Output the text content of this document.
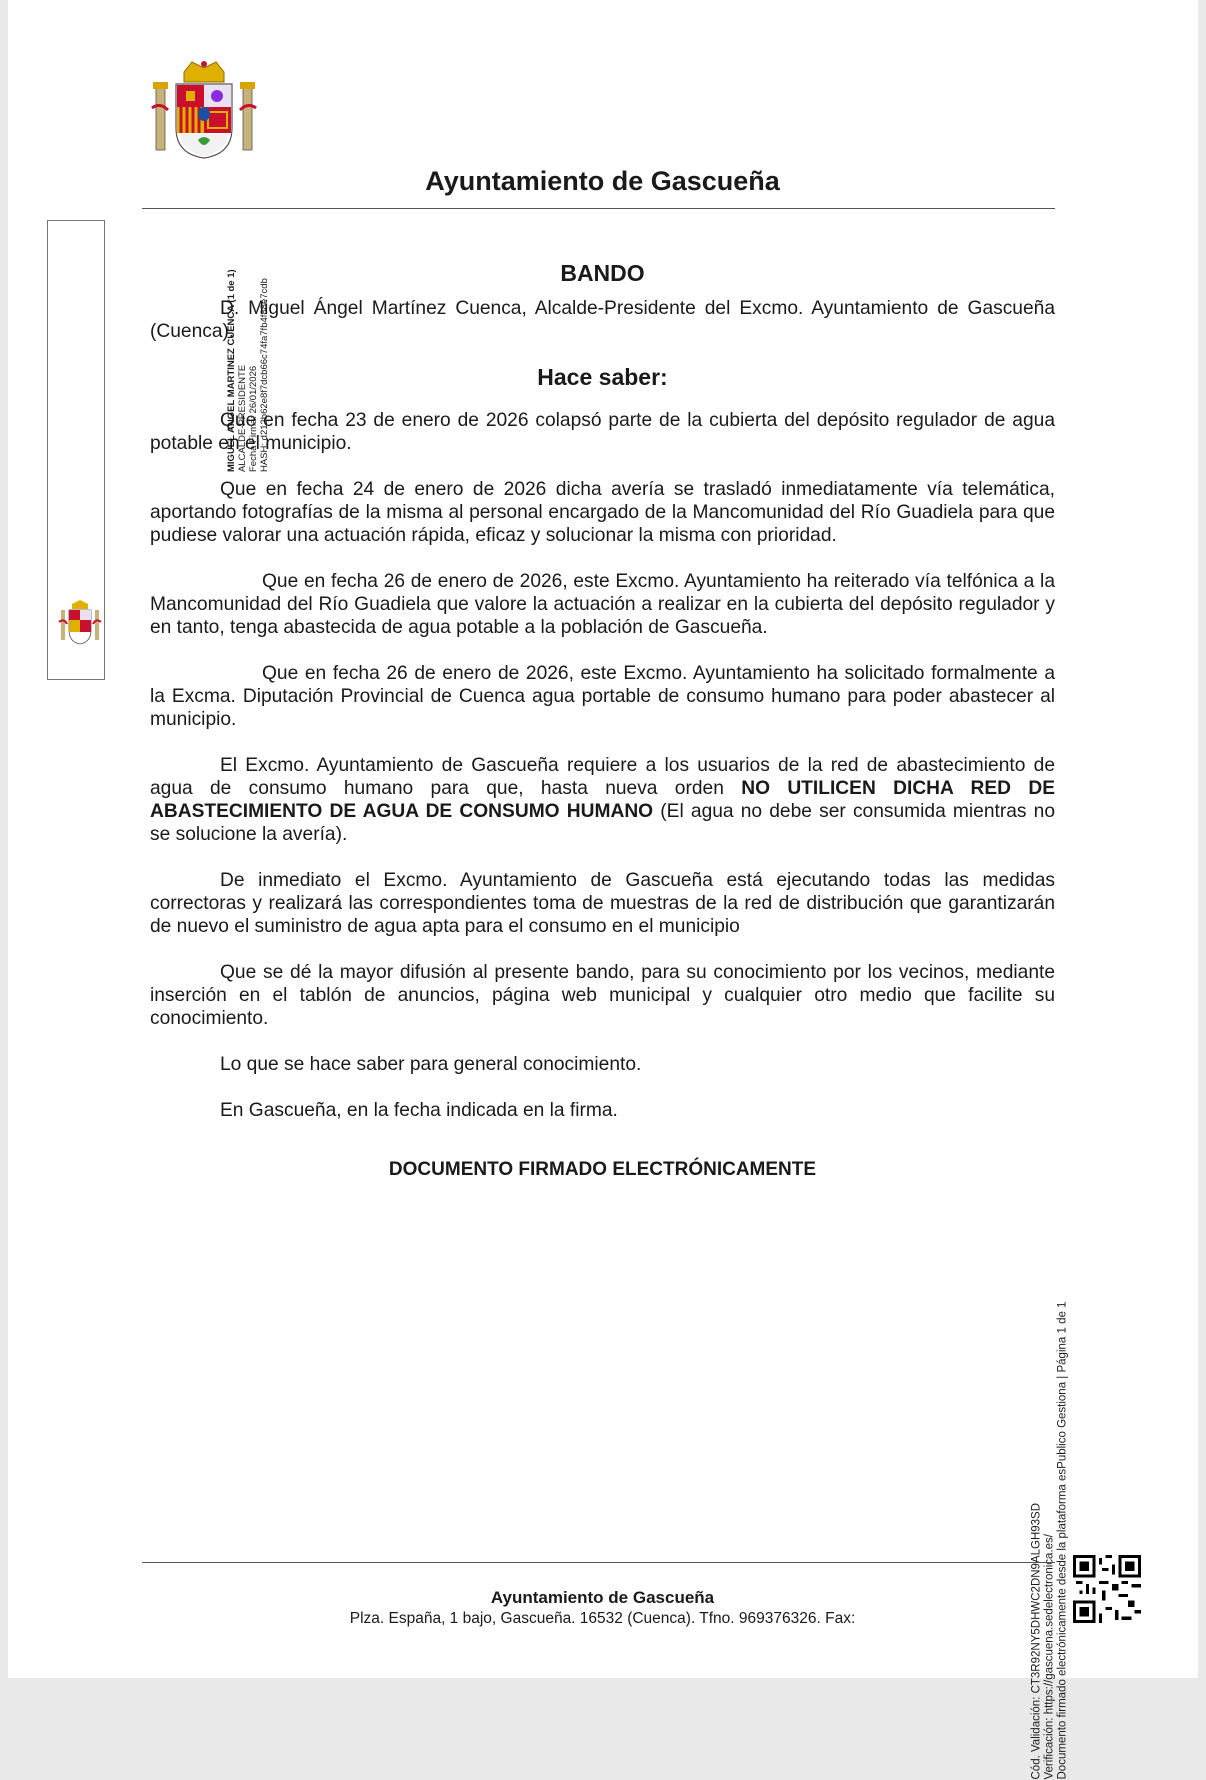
Ayuntamiento de Gascueña
MIGUEL ANGEL MARTINEZ CUENCA (1 de 1) ALCALDE-PRESIDENTE Fecha Firma: 26/01/2026 HASH: d212b62e8f7dcb66c74fa7fb4f88e7cdb
BANDO
D. Miguel Ángel Martínez Cuenca, Alcalde-Presidente del Excmo. Ayuntamiento de Gascueña (Cuenca).
Hace saber:
Que en fecha 23 de enero de 2026 colapsó parte de la cubierta del depósito regulador de agua potable en el municipio.
Que en fecha 24 de enero de 2026 dicha avería se trasladó inmediatamente vía telemática, aportando fotografías de la misma al personal encargado de la Mancomunidad del Río Guadiela para que pudiese valorar una actuación rápida, eficaz y solucionar la misma con prioridad.
Que en fecha 26 de enero de 2026, este Excmo. Ayuntamiento ha reiterado vía telfónica a la Mancomunidad del Río Guadiela que valore la actuación a realizar en la cubierta del depósito regulador y en tanto, tenga abastecida de agua potable a la población de Gascueña.
Que en fecha 26 de enero de 2026, este Excmo. Ayuntamiento ha solicitado formalmente a la Excma. Diputación Provincial de Cuenca agua portable de consumo humano para poder abastecer al municipio.
El Excmo. Ayuntamiento de Gascueña requiere a los usuarios de la red de abastecimiento de agua de consumo humano para que, hasta nueva orden NO UTILICEN DICHA RED DE ABASTECIMIENTO DE AGUA DE CONSUMO HUMANO (El agua no debe ser consumida mientras no se solucione la avería).
De inmediato el Excmo. Ayuntamiento de Gascueña está ejecutando todas las medidas correctoras y realizará las correspondientes toma de muestras de la red de distribución que garantizarán de nuevo el suministro de agua apta para el consumo en el municipio
Que se dé la mayor difusión al presente bando, para su conocimiento por los vecinos, mediante inserción en el tablón de anuncios, página web municipal y cualquier otro medio que facilite su conocimiento.
Lo que se hace saber para general conocimiento.
En Gascueña, en la fecha indicada en la firma.
DOCUMENTO FIRMADO ELECTRÓNICAMENTE
Cód. Validación: CT3R92NY5DHWC2DN9ALGH93SD Verificación: https://gascuena.sedelectronica.es/ Documento firmado electrónicamente desde la plataforma esPublico Gestiona | Página 1 de 1
Ayuntamiento de Gascueña
Plza. España, 1 bajo, Gascueña. 16532 (Cuenca). Tfno. 969376326. Fax:
